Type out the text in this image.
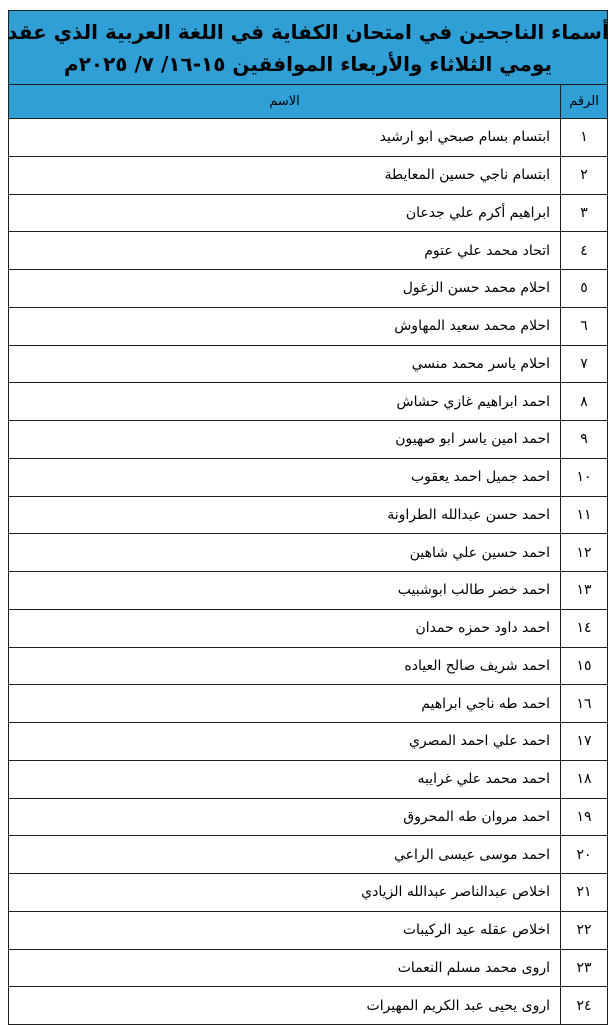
أسماء الناجحين في امتحان الكفاية في اللغة العربية الذي عقد
يومي الثلاثاء والأربعاء الموافقين ١٥-١٦/ ٧/ ٢٠٢٥م
الرقم	الاسم
١	ابتسام بسام صبحي ابو ارشيد
٢	ابتسام ناجي حسين المعايطة
٣	ابراهيم أكرم علي جدعان
٤	اتحاد محمد علي عتوم
٥	احلام محمد حسن الزغول
٦	احلام محمد سعيد المهاوش
٧	احلام ياسر محمد منسي
٨	احمد ابراهيم غازي حشاش
٩	احمد امين ياسر ابو صهيون
١٠	احمد جميل احمد يعقوب
١١	احمد حسن عبدالله الطراونة
١٢	احمد حسين علي شاهين
١٣	احمد خضر طالب ابوشبيب
١٤	احمد داود حمزه حمدان
١٥	احمد شريف صالح العياده
١٦	احمد طه ناجي ابراهيم
١٧	احمد علي احمد المصري
١٨	احمد محمد علي غرايبه
١٩	احمد مروان طه المحروق
٢٠	احمد موسى عيسى الراعي
٢١	اخلاص عبدالناصر عبدالله الزيادي
٢٢	اخلاص عقله عيد الركيبات
٢٣	اروى محمد مسلم النعمات
٢٤	اروى يحيى عبد الكريم المهيرات
